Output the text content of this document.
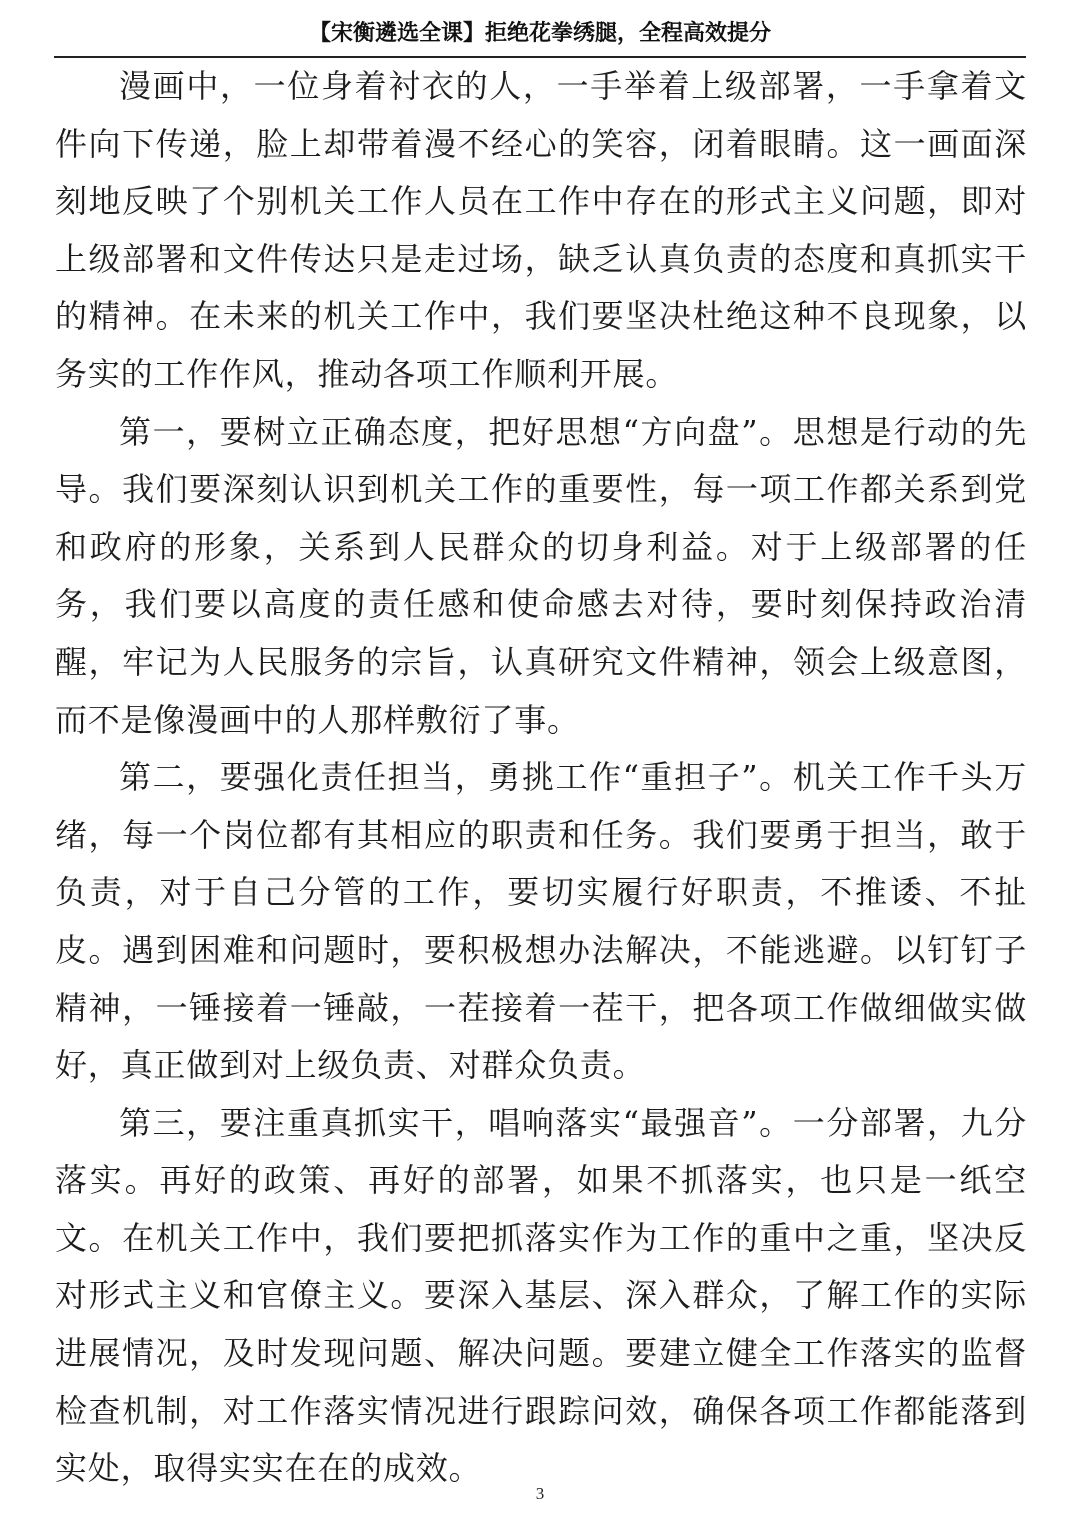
【宋衡遴选全课】拒绝花拳绣腿，全程高效提分

漫画中，一位身着衬衣的人，一手举着上级部署，一手拿着文件向下传递，脸上却带着漫不经心的笑容，闭着眼睛。这一画面深刻地反映了个别机关工作人员在工作中存在的形式主义问题，即对上级部署和文件传达只是走过场，缺乏认真负责的态度和真抓实干的精神。在未来的机关工作中，我们要坚决杜绝这种不良现象，以务实的工作作风，推动各项工作顺利开展。

第一，要树立正确态度，把好思想“方向盘”。思想是行动的先导。我们要深刻认识到机关工作的重要性，每一项工作都关系到党和政府的形象，关系到人民群众的切身利益。对于上级部署的任务，我们要以高度的责任感和使命感去对待，要时刻保持政治清醒，牢记为人民服务的宗旨，认真研究文件精神，领会上级意图，而不是像漫画中的人那样敷衍了事。

第二，要强化责任担当，勇挑工作“重担子”。机关工作千头万绪，每一个岗位都有其相应的职责和任务。我们要勇于担当，敢于负责，对于自己分管的工作，要切实履行好职责，不推诿、不扯皮。遇到困难和问题时，要积极想办法解决，不能逃避。以钉钉子精神，一锤接着一锤敲，一茬接着一茬干，把各项工作做细做实做好，真正做到对上级负责、对群众负责。

第三，要注重真抓实干，唱响落实“最强音”。一分部署，九分落实。再好的政策、再好的部署，如果不抓落实，也只是一纸空文。在机关工作中，我们要把抓落实作为工作的重中之重，坚决反对形式主义和官僚主义。要深入基层、深入群众，了解工作的实际进展情况，及时发现问题、解决问题。要建立健全工作落实的监督检查机制，对工作落实情况进行跟踪问效，确保各项工作都能落到实处，取得实实在在的成效。

3
